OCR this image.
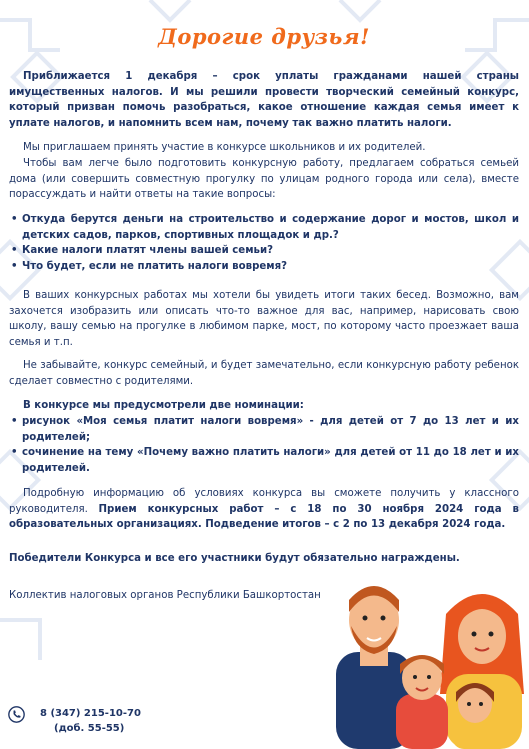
Дорогие друзья!
Приближается 1 декабря – срок уплаты гражданами нашей страны имущественных налогов. И мы решили провести творческий семейный конкурс, который призван помочь разобраться, какое отношение каждая семья имеет к уплате налогов, и напомнить всем нам, почему так важно платить налоги.
Мы приглашаем принять участие в конкурсе школьников и их родителей.
Чтобы вам легче было подготовить конкурсную работу, предлагаем собраться семьей дома (или совершить совместную прогулку по улицам родного города или села), вместе порассуждать и найти ответы на такие вопросы:
• Откуда берутся деньги на строительство и содержание дорог и мостов, школ и детских садов, парков, спортивных площадок и др.?
• Какие налоги платят члены вашей семьи?
• Что будет, если не платить налоги вовремя?
В ваших конкурсных работах мы хотели бы увидеть итоги таких бесед. Возможно, вам захочется изобразить или описать что-то важное для вас, например, нарисовать свою школу, вашу семью на прогулке в любимом парке, мост, по которому часто проезжает ваша семья и т.п.
Не забывайте, конкурс семейный, и будет замечательно, если конкурсную работу ребенок сделает совместно с родителями.
В конкурсе мы предусмотрели две номинации:
• рисунок «Моя семья платит налоги вовремя» - для детей от 7 до 13 лет и их родителей;
• сочинение на тему «Почему важно платить налоги» для детей от 11 до 18 лет и их родителей.
Подробную информацию об условиях конкурса вы сможете получить у классного руководителя. Прием конкурсных работ – с 18 по 30 ноября 2024 года в образовательных организациях. Подведение итогов – с 2 по 13 декабря 2024 года.
Победители Конкурса и все его участники будут обязательно награждены.
Коллектив налоговых органов Республики Башкортостан
8 (347) 215-10-70
(доб. 55-55)
